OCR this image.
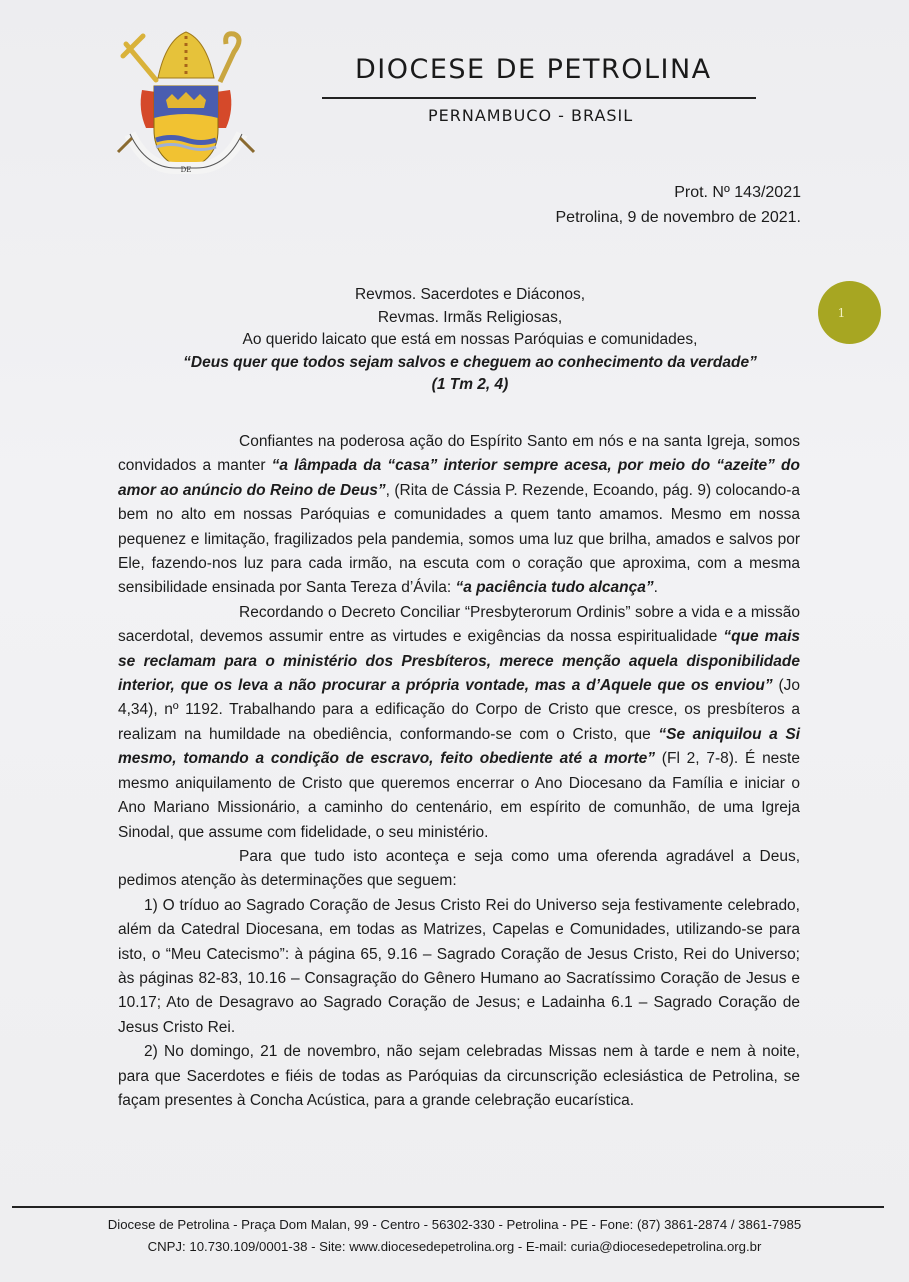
DE
DIOCESE DE PETROLINA
PERNAMBUCO - BRASIL
Prot. Nº 143/2021
Petrolina, 9 de novembro de 2021.
1
Revmos. Sacerdotes e Diáconos,
Revmas. Irmãs Religiosas,
Ao querido laicato que está em nossas Paróquias e comunidades,
“Deus quer que todos sejam salvos e cheguem ao conhecimento da verdade”
(1 Tm 2, 4)

Confiantes na poderosa ação do Espírito Santo em nós e na santa Igreja, somos convidados a manter “a lâmpada da “casa” interior sempre acesa, por meio do “azeite” do amor ao anúncio do Reino de Deus”, (Rita de Cássia P. Rezende, Ecoando, pág. 9) colocando-a bem no alto em nossas Paróquias e comunidades a quem tanto amamos. Mesmo em nossa pequenez e limitação, fragilizados pela pandemia, somos uma luz que brilha, amados e salvos por Ele, fazendo-nos luz para cada irmão, na escuta com o coração que aproxima, com a mesma sensibilidade ensinada por Santa Tereza d’Ávila: “a paciência tudo alcança”.

Recordando o Decreto Conciliar “Presbyterorum Ordinis” sobre a vida e a missão sacerdotal, devemos assumir entre as virtudes e exigências da nossa espiritualidade “que mais se reclamam para o ministério dos Presbíteros, merece menção aquela disponibilidade interior, que os leva a não procurar a própria vontade, mas a d’Aquele que os enviou” (Jo 4,34), nº 1192. Trabalhando para a edificação do Corpo de Cristo que cresce, os presbíteros a realizam na humildade na obediência, conformando-se com o Cristo, que “Se aniquilou a Si mesmo, tomando a condição de escravo, feito obediente até a morte” (Fl 2, 7-8). É neste mesmo aniquilamento de Cristo que queremos encerrar o Ano Diocesano da Família e iniciar o Ano Mariano Missionário, a caminho do centenário, em espírito de comunhão, de uma Igreja Sinodal, que assume com fidelidade, o seu ministério.

Para que tudo isto aconteça e seja como uma oferenda agradável a Deus, pedimos atenção às determinações que seguem:

1) O tríduo ao Sagrado Coração de Jesus Cristo Rei do Universo seja festivamente celebrado, além da Catedral Diocesana, em todas as Matrizes, Capelas e Comunidades, utilizando-se para isto, o “Meu Catecismo”: à página 65, 9.16 – Sagrado Coração de Jesus Cristo, Rei do Universo; às páginas 82-83, 10.16 – Consagração do Gênero Humano ao Sacratíssimo Coração de Jesus e 10.17; Ato de Desagravo ao Sagrado Coração de Jesus; e Ladainha 6.1 – Sagrado Coração de Jesus Cristo Rei.

2) No domingo, 21 de novembro, não sejam celebradas Missas nem à tarde e nem à noite, para que Sacerdotes e fiéis de todas as Paróquias da circunscrição eclesiástica de Petrolina, se façam presentes à Concha Acústica, para a grande celebração eucarística.

Diocese de Petrolina - Praça Dom Malan, 99 - Centro - 56302-330 - Petrolina - PE - Fone: (87) 3861-2874 / 3861-7985
CNPJ: 10.730.109/0001-38 - Site: www.diocesedepetrolina.org - E-mail: curia@diocesedepetrolina.org.br
